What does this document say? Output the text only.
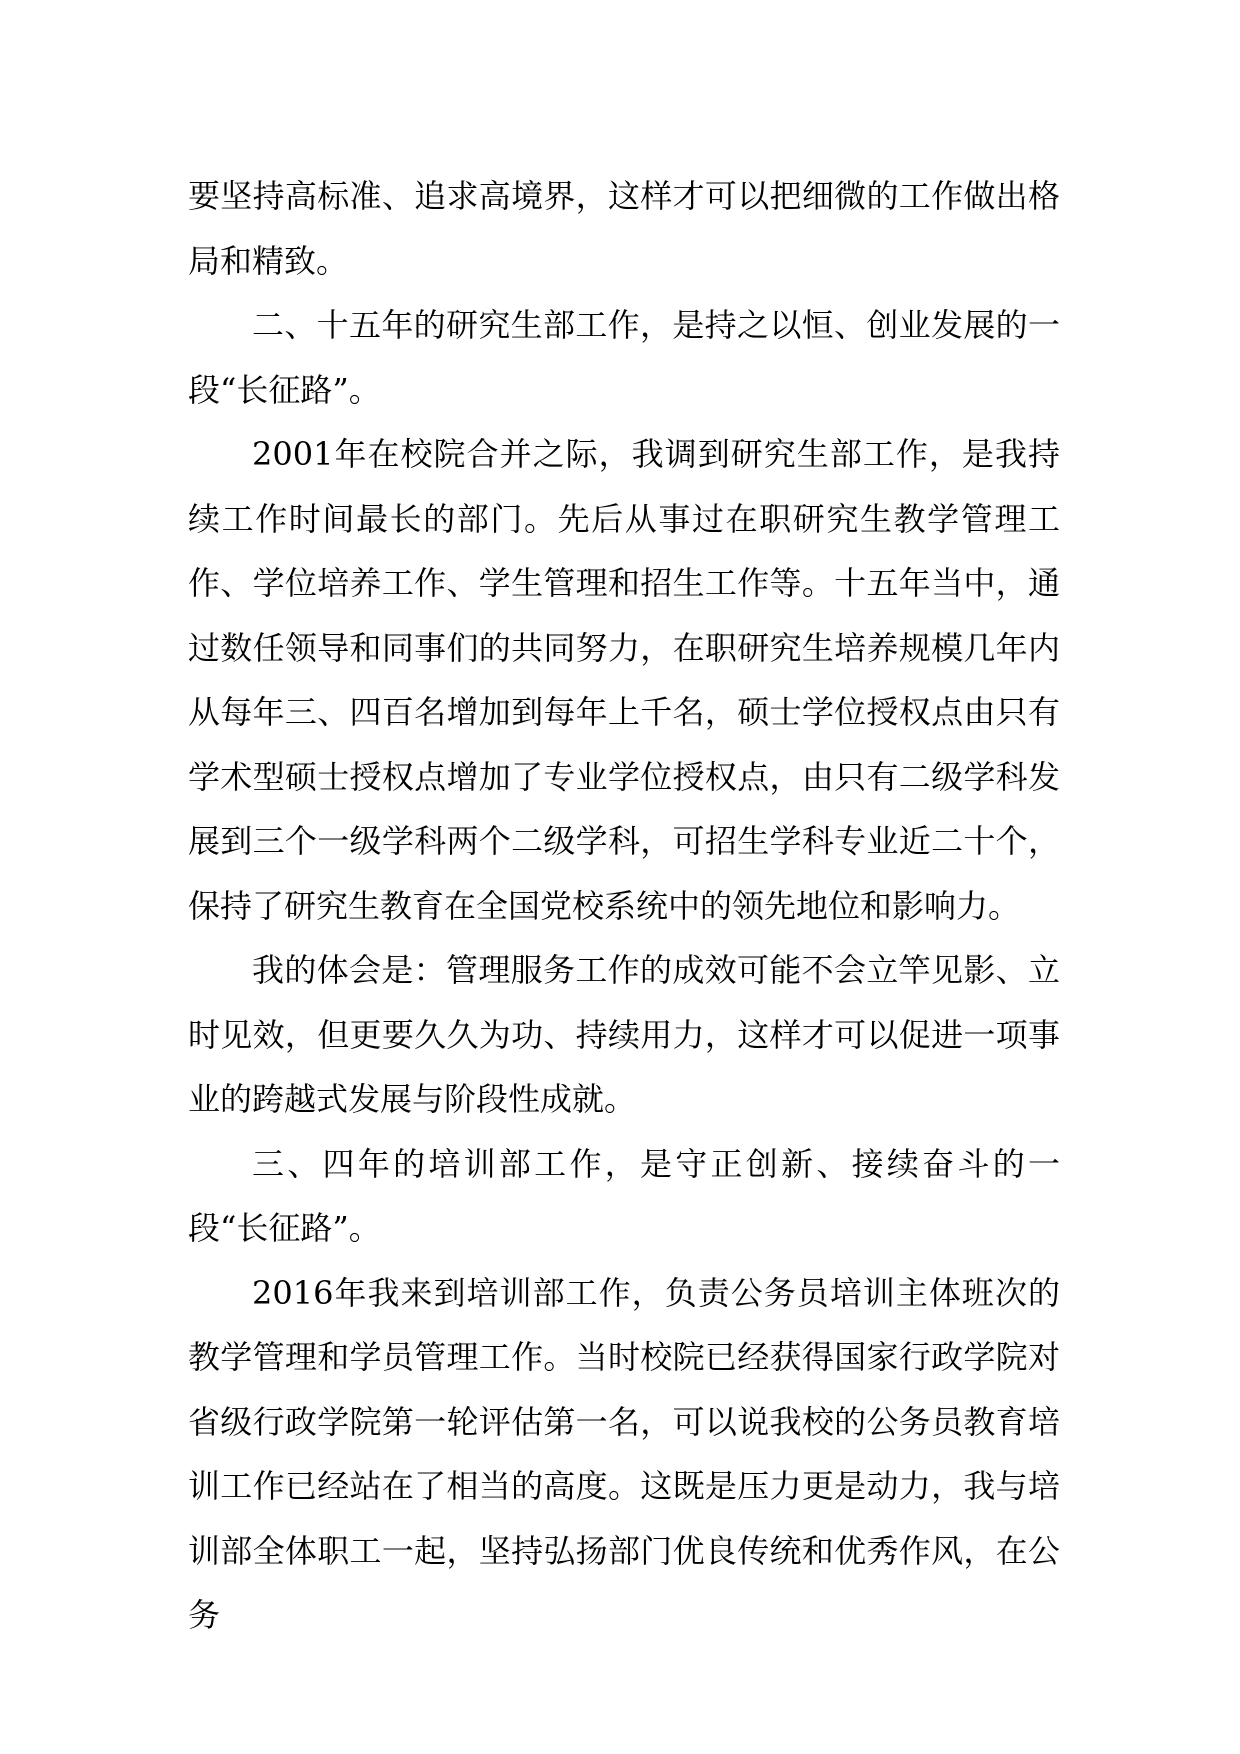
要坚持高标准、追求高境界，这样才可以把细微的工作做出格局和精致。

二、十五年的研究生部工作，是持之以恒、创业发展的一段“长征路”。

2001年在校院合并之际，我调到研究生部工作，是我持续工作时间最长的部门。先后从事过在职研究生教学管理工作、学位培养工作、学生管理和招生工作等。十五年当中，通过数任领导和同事们的共同努力，在职研究生培养规模几年内从每年三、四百名增加到每年上千名，硕士学位授权点由只有学术型硕士授权点增加了专业学位授权点，由只有二级学科发展到三个一级学科两个二级学科，可招生学科专业近二十个，保持了研究生教育在全国党校系统中的领先地位和影响力。

我的体会是：管理服务工作的成效可能不会立竿见影、立时见效，但更要久久为功、持续用力，这样才可以促进一项事业的跨越式发展与阶段性成就。

三、四年的培训部工作，是守正创新、接续奋斗的一段“长征路”。

2016年我来到培训部工作，负责公务员培训主体班次的教学管理和学员管理工作。当时校院已经获得国家行政学院对省级行政学院第一轮评估第一名，可以说我校的公务员教育培训工作已经站在了相当的高度。这既是压力更是动力，我与培训部全体职工一起，坚持弘扬部门优良传统和优秀作风，在公务
